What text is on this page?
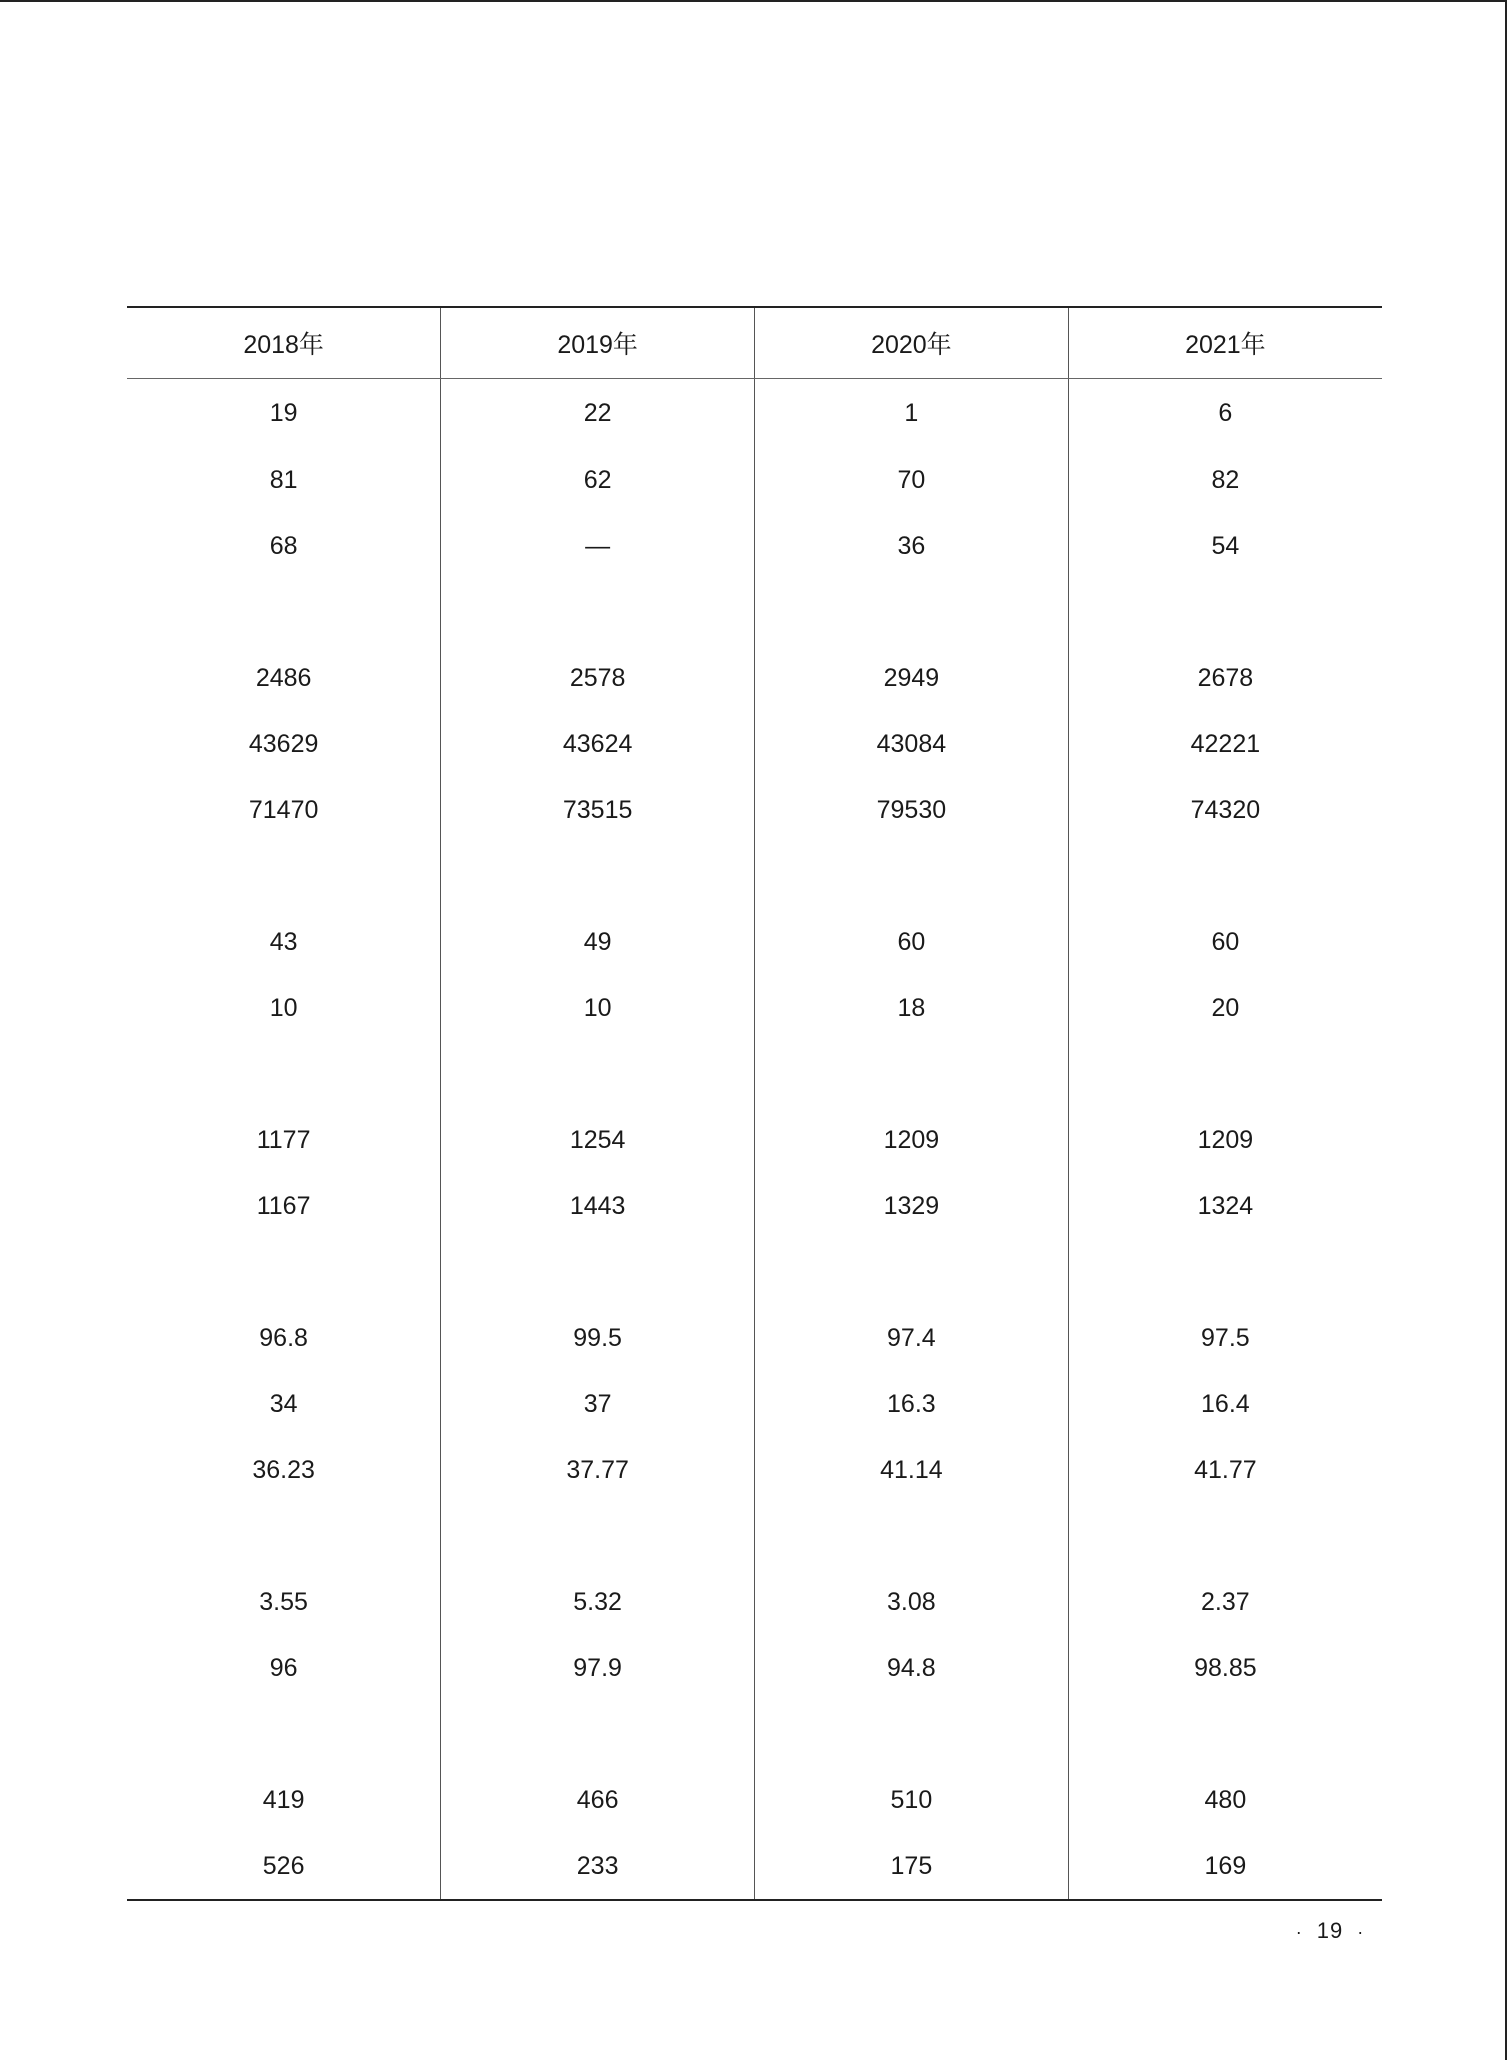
2018年	2019年	2020年	2021年
19	22	1	6
81	62	70	82
68	—	36	54

2486	2578	2949	2678
43629	43624	43084	42221
71470	73515	79530	74320

43	49	60	60
10	10	18	20

1177	1254	1209	1209
1167	1443	1329	1324

96.8	99.5	97.4	97.5
34	37	16.3	16.4
36.23	37.77	41.14	41.77

3.55	5.32	3.08	2.37
96	97.9	94.8	98.85

419	466	510	480
526	233	175	169
· 19 ·
